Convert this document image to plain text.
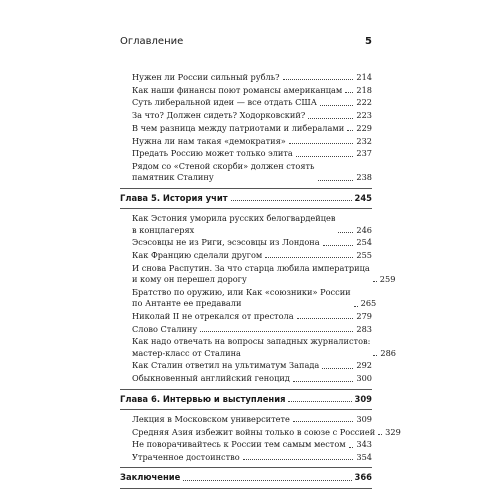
Оглавление	5
Нужен ли России сильный рубль?	214
Как наши финансы поют романсы американцам 218
Суть либеральной идеи — все отдать США	222
За что? Должен сидеть? Ходорковский?	223
В чем разница между патриотами и либералами 229
Нужна ли нам такая «демократия»	232
Предать Россию может только элита	237
Рядом со «Стеной скорби» должен стоять
памятник Сталину	238
Глава 5. История учит	245
Как Эстония уморила русских белогвардейцев
в концлагерях	246
Эсэсовцы не из Риги, эсэсовцы из Лондона	254
Как Францию сделали другом	255
И снова Распутин. За что старца любила императрица
и кому он перешел дорогу	259
Братство по оружию, или Как «союзники» России
по Антанте ее предавали	265
Николай II не отрекался от престола	279
Слово Сталину	283
Как надо отвечать на вопросы западных журналистов:
мастер-класс от Сталина	286
Как Сталин ответил на ультиматум Запада	292
Обыкновенный английский геноцид	300
Глава 6. Интервью и выступления	309
Лекция в Московском университете	309
Средняя Азия избежит войны только в союзе с Россией 329
Не поворачивайтесь к России тем самым местом 343
Утраченное достоинство	354
Заключение	366
